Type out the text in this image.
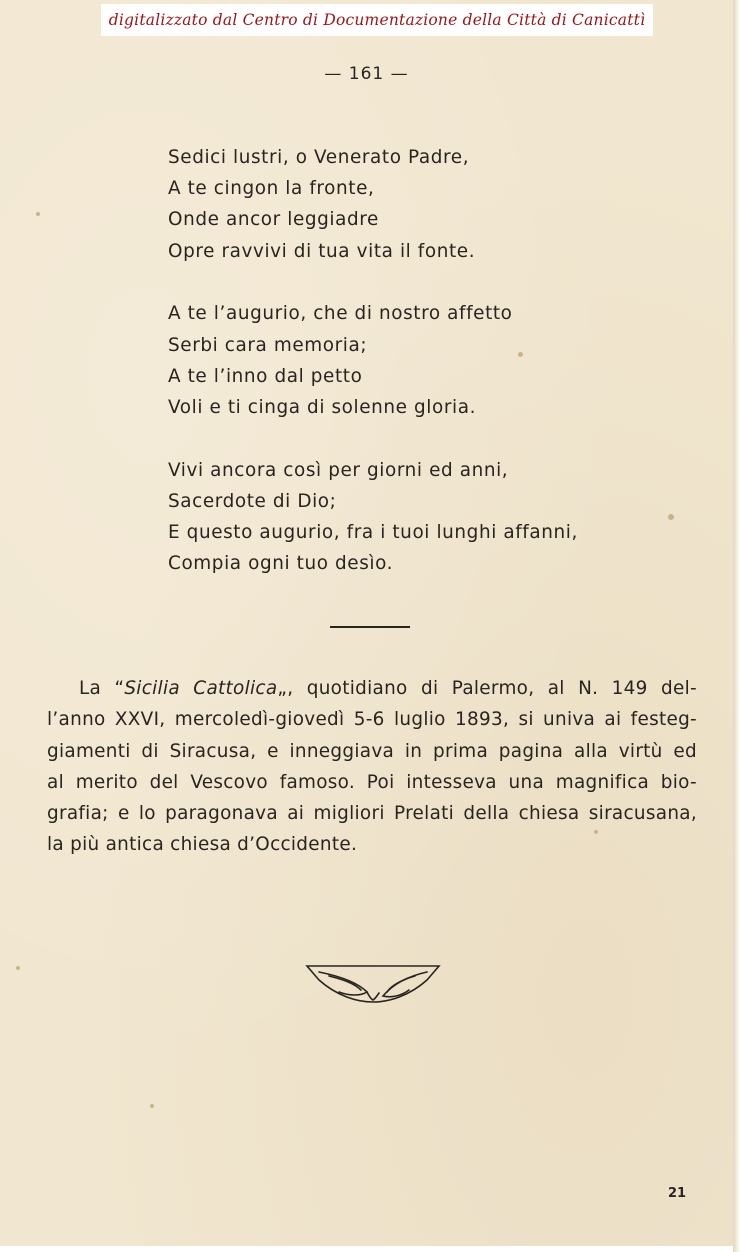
digitalizzato dal Centro di Documentazione della Città di Canicattì
— 161 —
Sedici lustri, o Venerato Padre,
A te cingon la fronte,
Onde ancor leggiadre
Opre ravvivi di tua vita il fonte.
A te l’augurio, che di nostro affetto
Serbi cara memoria;
A te l’inno dal petto
Voli e ti cinga di solenne gloria.
Vivi ancora così per giorni ed anni,
Sacerdote di Dio;
E questo augurio, fra i tuoi lunghi affanni,
Compia ogni tuo desìo.
La “Sicilia Cattolica„, quotidiano di Palermo, al N. 149 del-
l’anno XXVI, mercoledì-giovedì 5-6 luglio 1893, si univa ai festeg-
giamenti di Siracusa, e inneggiava in prima pagina alla virtù ed
al merito del Vescovo famoso. Poi intesseva una magnifica bio-
grafia; e lo paragonava ai migliori Prelati della chiesa siracusana,
la più antica chiesa d’Occidente.
21
